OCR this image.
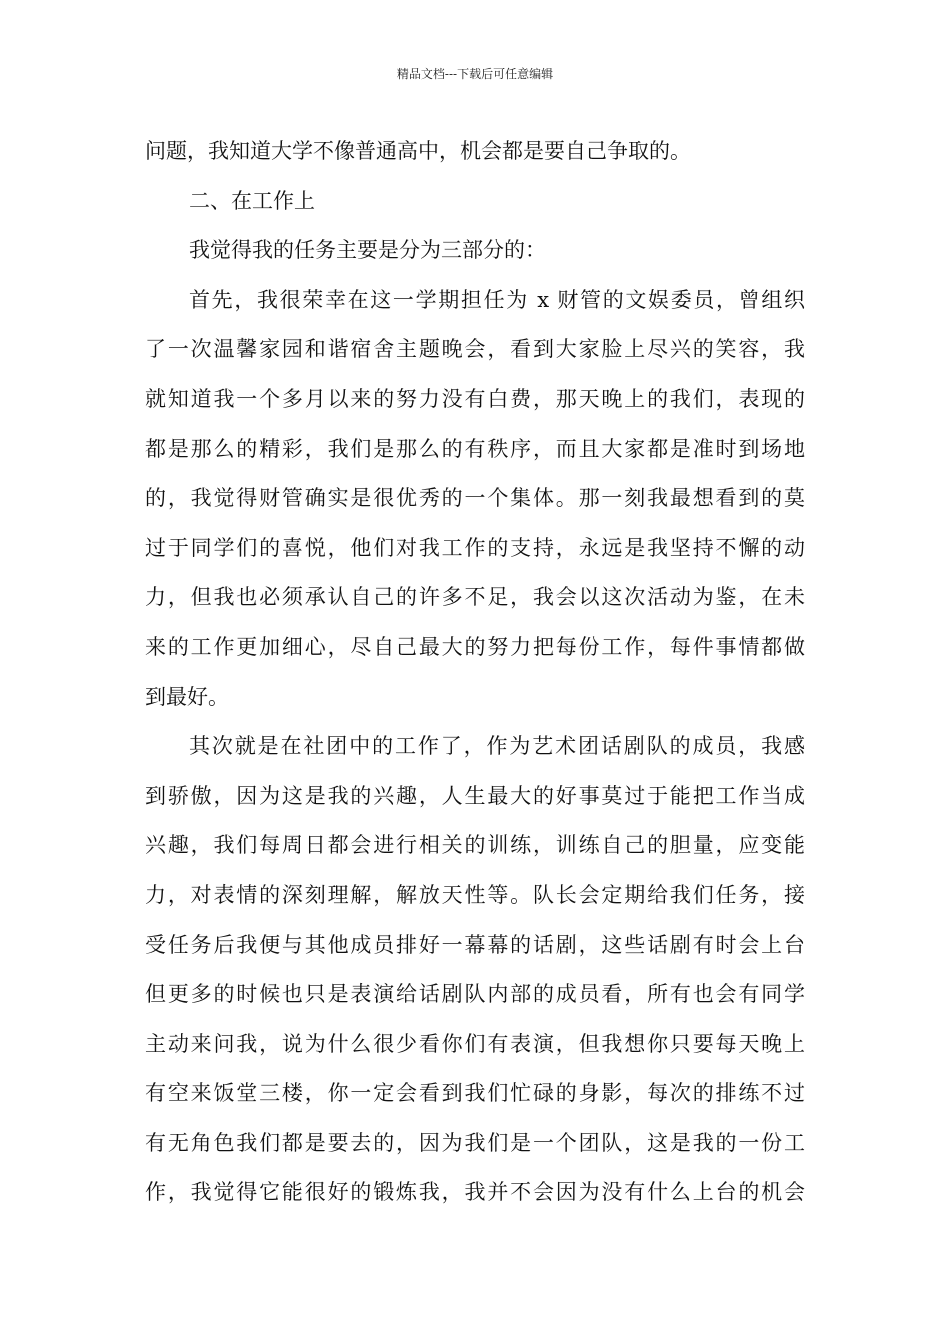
精品文档---下载后可任意编辑
问题，我知道大学不像普通高中，机会都是要自己争取的。
二、在工作上
我觉得我的任务主要是分为三部分的：
首先，我很荣幸在这一学期担任为 x 财管的文娱委员，曾组织
了一次温馨家园和谐宿舍主题晚会，看到大家脸上尽兴的笑容，我
就知道我一个多月以来的努力没有白费，那天晚上的我们，表现的
都是那么的精彩，我们是那么的有秩序，而且大家都是准时到场地
的，我觉得财管确实是很优秀的一个集体。那一刻我最想看到的莫
过于同学们的喜悦，他们对我工作的支持，永远是我坚持不懈的动
力，但我也必须承认自己的许多不足，我会以这次活动为鉴，在未
来的工作更加细心，尽自己最大的努力把每份工作，每件事情都做
到最好。
其次就是在社团中的工作了，作为艺术团话剧队的成员，我感
到骄傲，因为这是我的兴趣，人生最大的好事莫过于能把工作当成
兴趣，我们每周日都会进行相关的训练，训练自己的胆量，应变能
力，对表情的深刻理解，解放天性等。队长会定期给我们任务，接
受任务后我便与其他成员排好一幕幕的话剧，这些话剧有时会上台
但更多的时候也只是表演给话剧队内部的成员看，所有也会有同学
主动来问我，说为什么很少看你们有表演，但我想你只要每天晚上
有空来饭堂三楼，你一定会看到我们忙碌的身影，每次的排练不过
有无角色我们都是要去的，因为我们是一个团队，这是我的一份工
作，我觉得它能很好的锻炼我，我并不会因为没有什么上台的机会
